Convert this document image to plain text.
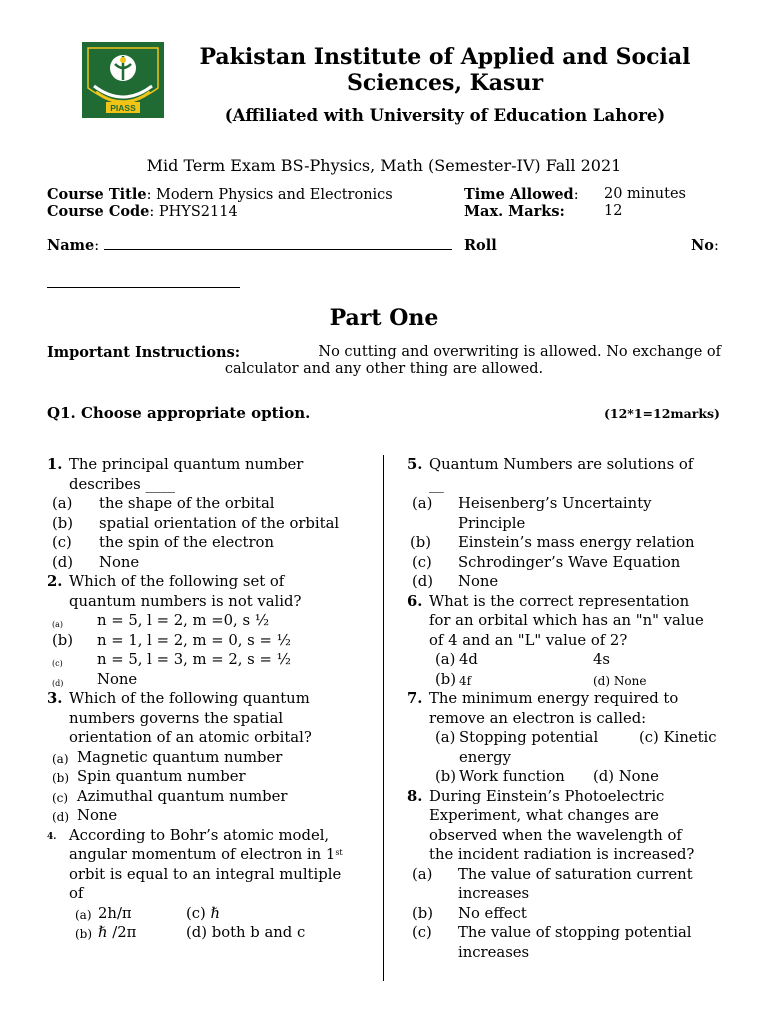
PIASS
Pakistan Institute of Applied and Social
Sciences, Kasur
(Affiliated with University of Education Lahore)
Mid Term Exam BS-Physics, Math (Semester-IV) Fall 2021
Course Title: Modern Physics and Electronics
Course Code: PHYS2114
Time Allowed: 20 minutes
Max. Marks:	12
Name:	Roll	No:
Part One
Important Instructions:	No cutting and overwriting is allowed. No exchange of
calculator and any other thing are allowed.
Q1. Choose appropriate option.	(12*1=12marks)
1. The principal quantum number
describes ____
(a) the shape of the orbital
(b) spatial orientation of the orbital
(c) the spin of the electron
(d) None
2. Which of the following set of
quantum numbers is not valid?
(a) n = 5, l = 2, m =0, s ½
(b) n = 1, l = 2, m = 0, s = ½
(c) n = 5, l = 3, m = 2, s = ½
(d) None
3. Which of the following quantum
numbers governs the spatial
orientation of an atomic orbital?
(a) Magnetic quantum number
(b) Spin quantum number
(c) Azimuthal quantum number
(d) None
4. According to Bohr’s atomic model,
angular momentum of electron in 1st
orbit is equal to an integral multiple
of
(a) 2h/π	(c) ℏ
(b) ℏ /2π	(d) both b and c
5. Quantum Numbers are solutions of
__
(a)	Heisenberg’s Uncertainty
Principle
(b) Einstein’s mass energy relation
(c) Schrodinger’s Wave Equation
(d) None
6. What is the correct representation
for an orbital which has an "n" value
of 4 and an "L" value of 2?
(a) 4d	4s
(b) 4f	(d) None
7. The minimum energy required to
remove an electron is called:
(a) Stopping potential	(c) Kinetic
energy
(b) Work function (d) None
8. During Einstein’s Photoelectric
Experiment, what changes are
observed when the wavelength of
the incident radiation is increased?
(a)	The value of saturation current
increases
(b) No effect
(c)	The value of stopping potential
increases
